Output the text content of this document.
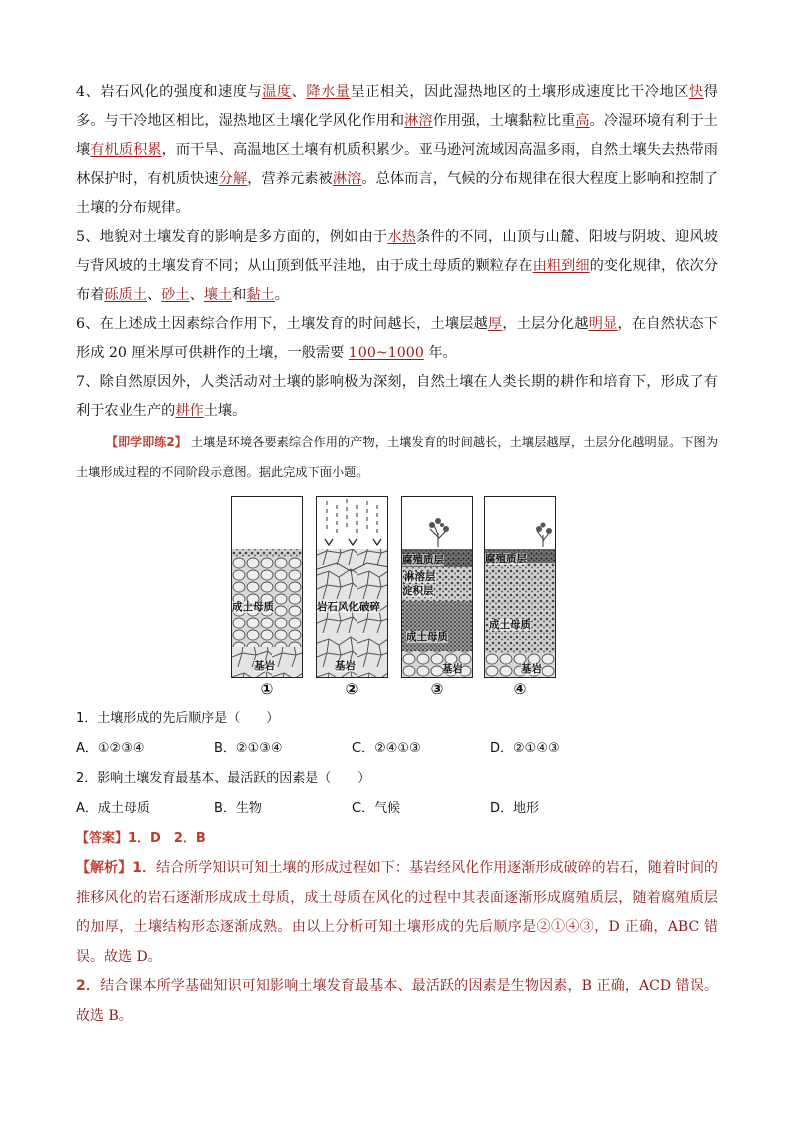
4、岩石风化的强度和速度与温度、降水量呈正相关，因此湿热地区的土壤形成速度比干冷地区快得多。与干冷地区相比，湿热地区土壤化学风化作用和淋溶作用强，土壤黏粒比重高。冷湿环境有利于土壤有机质积累，而干旱、高温地区土壤有机质积累少。亚马逊河流域因高温多雨，自然土壤失去热带雨林保护时，有机质快速分解，营养元素被淋溶。总体而言，气候的分布规律在很大程度上影响和控制了土壤的分布规律。

5、地貌对土壤发育的影响是多方面的，例如由于水热条件的不同，山顶与山麓、阳坡与阴坡、迎风坡与背风坡的土壤发育不同；从山顶到低平洼地，由于成土母质的颗粒存在由粗到细的变化规律，依次分布着砾质土、砂土、壤土和黏土。

6、在上述成土因素综合作用下，土壤发育的时间越长，土壤层越厚，土层分化越明显，在自然状态下形成 20 厘米厚可供耕作的土壤，一般需要 100~1000 年。

7、除自然原因外，人类活动对土壤的影响极为深刻，自然土壤在人类长期的耕作和培育下，形成了有利于农业生产的耕作土壤。

【即学即练2】 土壤是环境各要素综合作用的产物，土壤发育的时间越长，土壤层越厚，土层分化越明显。下图为土壤形成过程的不同阶段示意图。据此完成下面小题。

成土母质
基岩
①
岩石风化破碎
基岩
②
腐殖质层
淋溶层
淀积层
成土母质
基岩
③
腐殖质层
成土母质
基岩
④

1．土壤形成的先后顺序是（　　）

A．①②③④	B．②①③④	C．②④①③	D．②①④③

2．影响土壤发育最基本、最活跃的因素是（　　）

A．成土母质	B．生物	C．气候	D．地形

【答案】1．D　2．B

【解析】1．结合所学知识可知土壤的形成过程如下：基岩经风化作用逐渐形成破碎的岩石，随着时间的推移风化的岩石逐渐形成成土母质，成土母质在风化的过程中其表面逐渐形成腐殖质层，随着腐殖质层的加厚，土壤结构形态逐渐成熟。由以上分析可知土壤形成的先后顺序是②①④③，D 正确，ABC 错误。故选 D。

2．结合课本所学基础知识可知影响土壤发育最基本、最活跃的因素是生物因素，B 正确，ACD 错误。故选 B。
